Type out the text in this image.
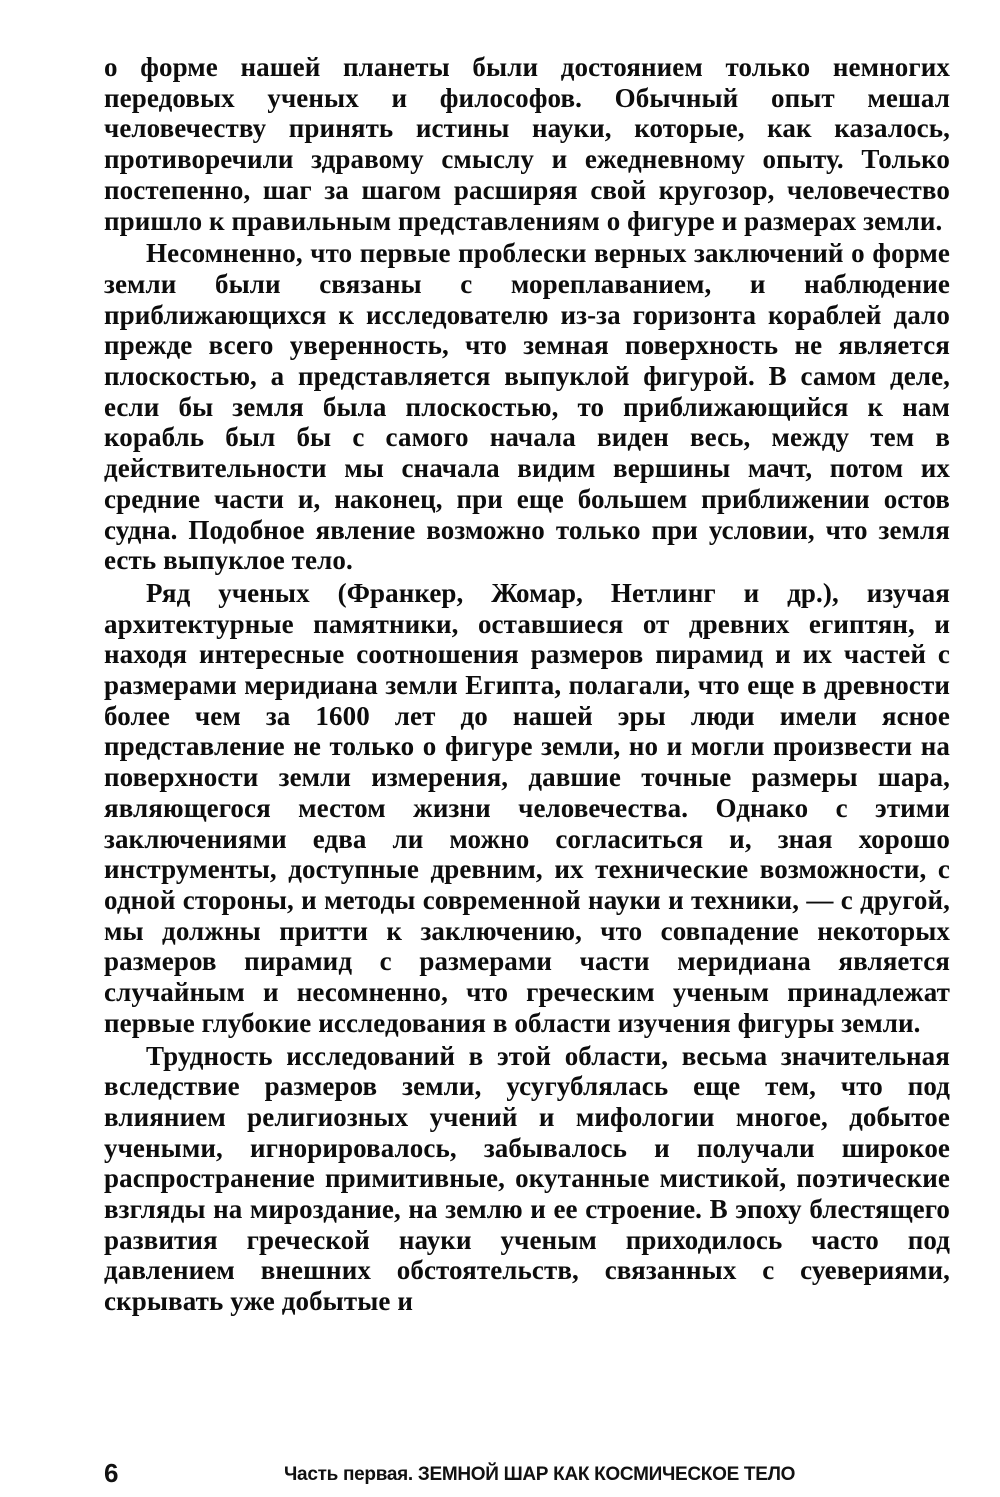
о форме нашей планеты были достоянием только немногих передовых ученых и философов. Обычный опыт мешал человечеству принять истины науки, которые, как казалось, противоречили здравому смыслу и ежедневному опыту. Только постепенно, шаг за шагом расширяя свой кругозор, человечество пришло к правильным представлениям о фигуре и размерах земли.

Несомненно, что первые проблески верных заключений о форме земли были связаны с мореплаванием, и наблюдение приближающихся к исследователю из-за горизонта кораблей дало прежде всего уверенность, что земная поверхность не является плоскостью, а представляется выпуклой фигурой. В самом деле, если бы земля была плоскостью, то приближающийся к нам корабль был бы с самого начала виден весь, между тем в действительности мы сначала видим вершины мачт, потом их средние части и, наконец, при еще большем приближении остов судна. Подобное явление возможно только при условии, что земля есть выпуклое тело.

Ряд ученых (Франкер, Жомар, Нетлинг и др.), изучая архитектурные памятники, оставшиеся от древних египтян, и находя интересные соотношения размеров пирамид и их частей с размерами меридиана земли Египта, полагали, что еще в древности более чем за 1600 лет до нашей эры люди имели ясное представление не только о фигуре земли, но и могли произвести на поверхности земли измерения, давшие точные размеры шара, являющегося местом жизни человечества. Однако с этими заключениями едва ли можно согласиться и, зная хорошо инструменты, доступные древним, их технические возможности, с одной стороны, и методы современной науки и техники, — с другой, мы должны притти к заключению, что совпадение некоторых размеров пирамид с размерами части меридиана является случайным и несомненно, что греческим ученым принадлежат первые глубокие исследования в области изучения фигуры земли.

Трудность исследований в этой области, весьма значительная вследствие размеров земли, усугублялась еще тем, что под влиянием религиозных учений и мифологии многое, добытое учеными, игнорировалось, забывалось и получали широкое распространение примитивные, окутанные мистикой, поэтические взгляды на мироздание, на землю и ее строение. В эпоху блестящего развития греческой науки ученым приходилось часто под давлением внешних обстоятельств, связанных с суевериями, скрывать уже добытые и

6	Часть первая. ЗЕМНОЙ ШАР КАК КОСМИЧЕСКОЕ ТЕЛО
